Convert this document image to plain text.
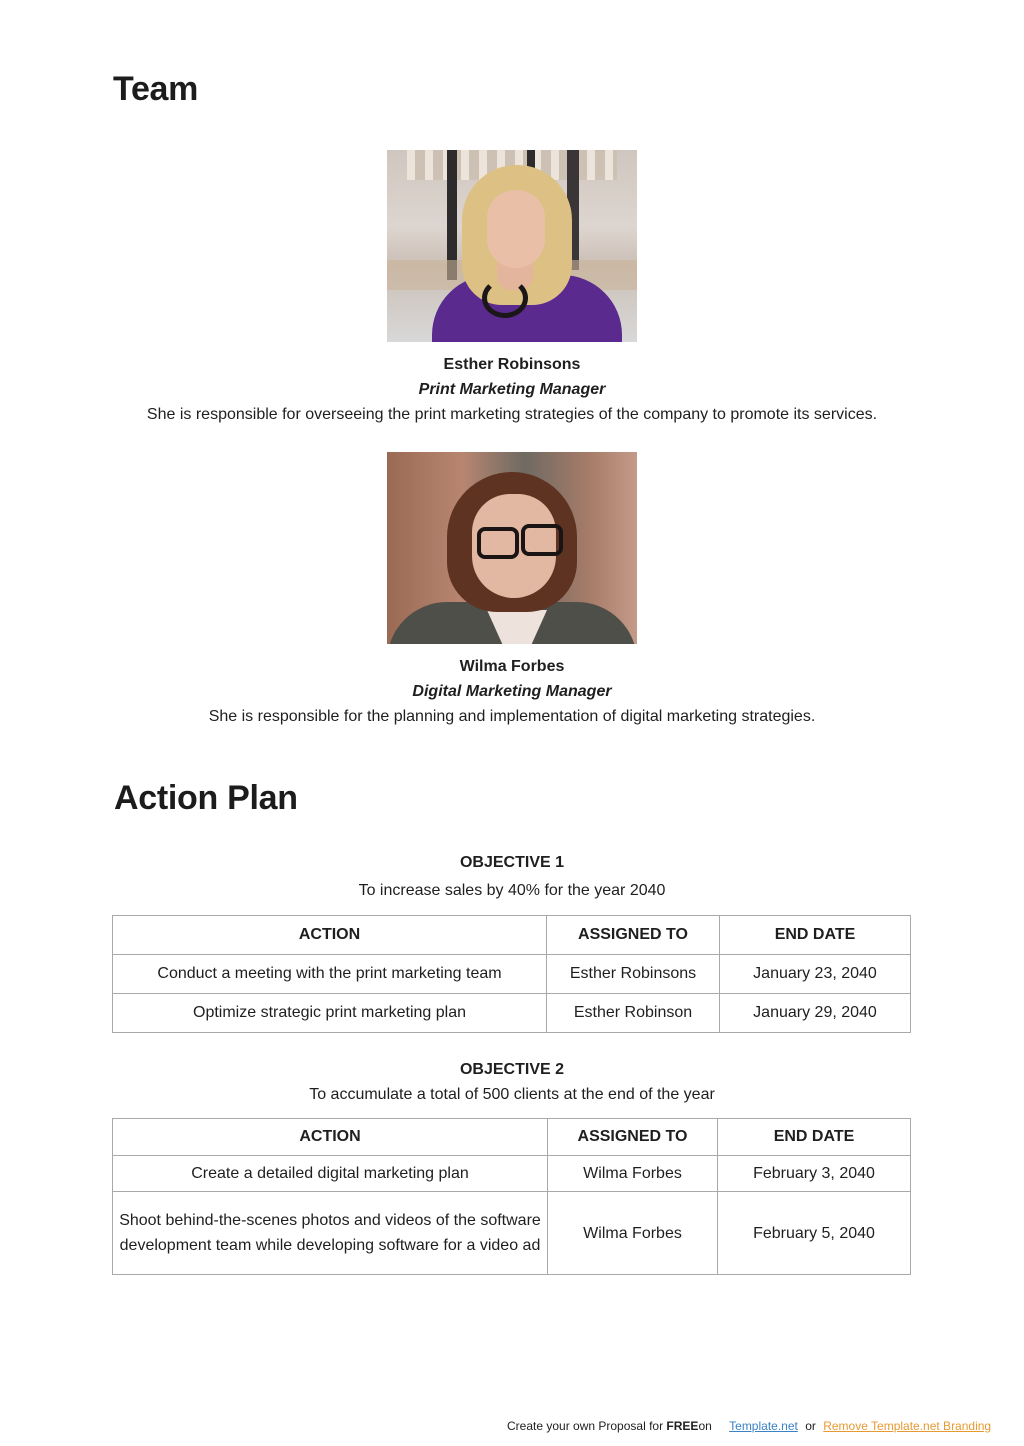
Team
Esther Robinsons
Print Marketing Manager
She is responsible for overseeing the print marketing strategies of the company to promote its services.
Wilma Forbes
Digital Marketing Manager
She is responsible for the planning and implementation of digital marketing strategies.
Action Plan
OBJECTIVE 1
To increase sales by 40% for the year 2040
ACTION	ASSIGNED TO	END DATE
Conduct a meeting with the print marketing team	Esther Robinsons	January 23, 2040
Optimize strategic print marketing plan	Esther Robinson	January 29, 2040
OBJECTIVE 2
To accumulate a total of 500 clients at the end of the year
ACTION	ASSIGNED TO	END DATE
Create a detailed digital marketing plan	Wilma Forbes	February 3, 2040
Shoot behind-the-scenes photos and videos of the software development team while developing software for a video ad	Wilma Forbes	February 5, 2040
Create your own Proposal for FREEon Template.net or Remove Template.net Branding
